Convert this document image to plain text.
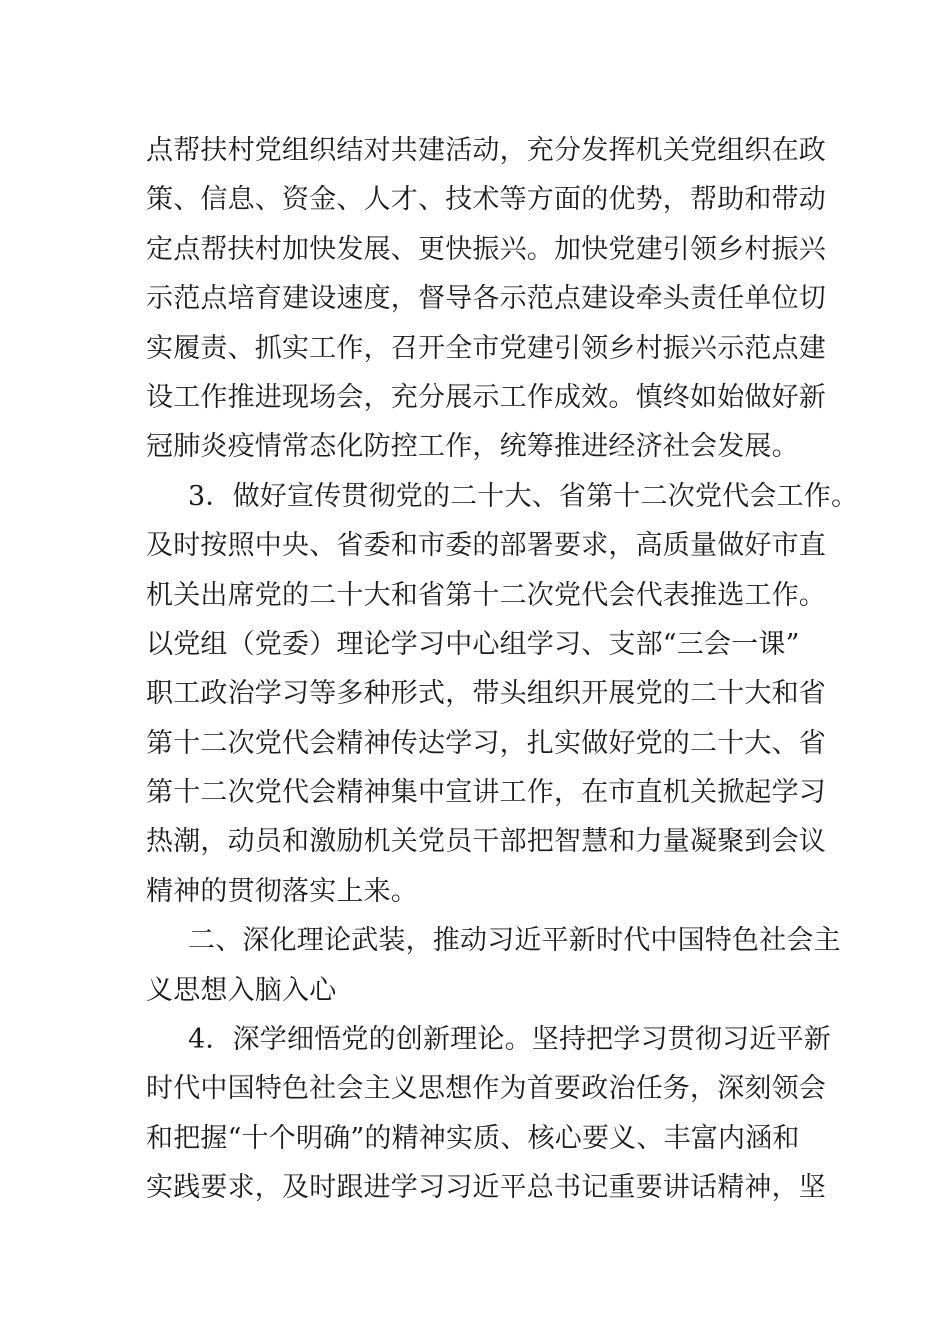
点帮扶村党组织结对共建活动，充分发挥机关党组织在政
策、信息、资金、人才、技术等方面的优势，帮助和带动
定点帮扶村加快发展、更快振兴。加快党建引领乡村振兴
示范点培育建设速度，督导各示范点建设牵头责任单位切
实履责、抓实工作，召开全市党建引领乡村振兴示范点建
设工作推进现场会，充分展示工作成效。慎终如始做好新
冠肺炎疫情常态化防控工作，统筹推进经济社会发展。
3．做好宣传贯彻党的二十大、省第十二次党代会工作。
及时按照中央、省委和市委的部署要求，高质量做好市直
机关出席党的二十大和省第十二次党代会代表推选工作。
以党组（党委）理论学习中心组学习、支部“三会一课”
职工政治学习等多种形式，带头组织开展党的二十大和省
第十二次党代会精神传达学习，扎实做好党的二十大、省
第十二次党代会精神集中宣讲工作，在市直机关掀起学习
热潮，动员和激励机关党员干部把智慧和力量凝聚到会议
精神的贯彻落实上来。
二、深化理论武装，推动习近平新时代中国特色社会主
义思想入脑入心
4．深学细悟党的创新理论。坚持把学习贯彻习近平新
时代中国特色社会主义思想作为首要政治任务，深刻领会
和把握“十个明确”的精神实质、核心要义、丰富内涵和
实践要求，及时跟进学习习近平总书记重要讲话精神，坚
